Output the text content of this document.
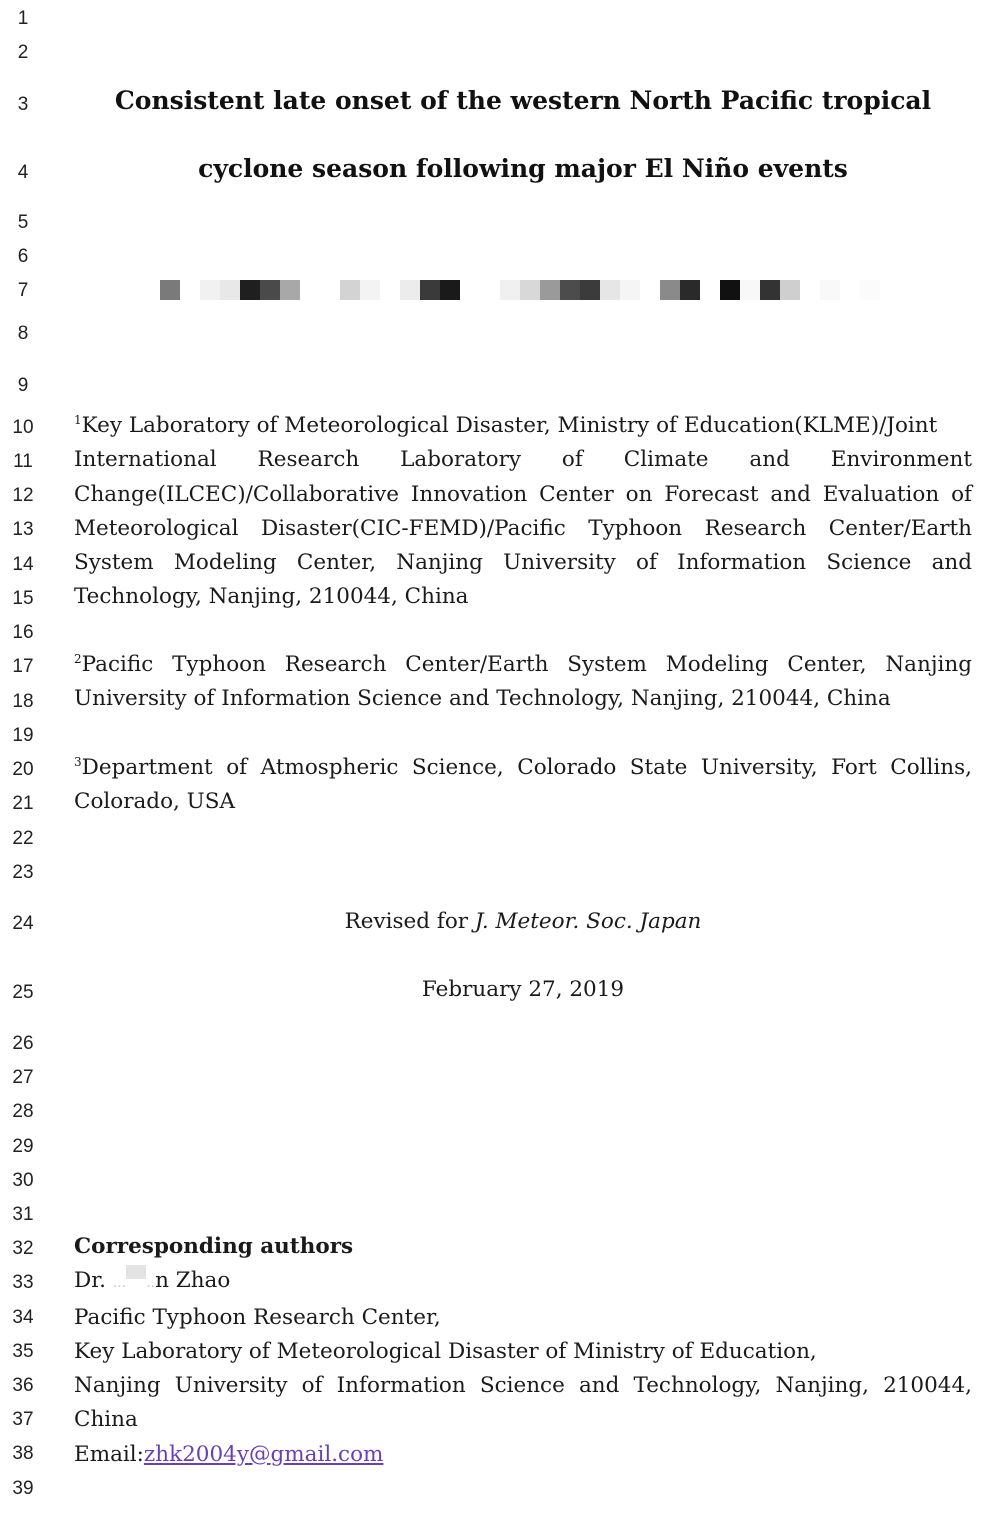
1
2
3
4
5
6
7
8
9
10
11
12
13
14
15
16
17
18
19
20
21
22
23
24
25
26
27
28
29
30
31
32
33
34
35
36
37
38
39
Consistent late onset of the western North Pacific tropical
cyclone season following major El Niño events
$^1$Key Laboratory of Meteorological Disaster, Ministry of Education(KLME)/Joint
International Research Laboratory of Climate and Environment
Change(ILCEC)/Collaborative Innovation Center on Forecast and Evaluation of
Meteorological Disaster(CIC-FEMD)/Pacific Typhoon Research Center/Earth
System Modeling Center, Nanjing University of Information Science and
Technology, Nanjing, 210044, China
$^2$Pacific Typhoon Research Center/Earth System Modeling Center, Nanjing
University of Information Science and Technology, Nanjing, 210044, China
$^3$Department of Atmospheric Science, Colorado State University, Fort Collins,
Colorado, USA
Revised for J. Meteor. Soc. Japan
February 27, 2019
Corresponding authors
Dr. ... ..n Zhao
Pacific Typhoon Research Center,
Key Laboratory of Meteorological Disaster of Ministry of Education,
Nanjing University of Information Science and Technology, Nanjing, 210044,
China
Email:zhk2004y@gmail.com
